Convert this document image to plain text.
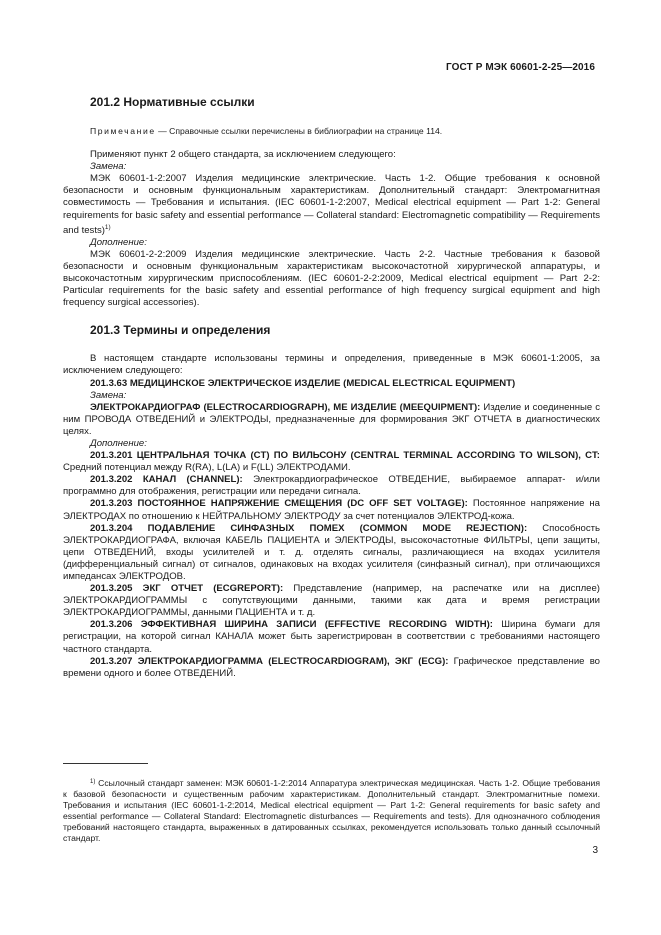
ГОСТ Р МЭК 60601-2-25—2016

201.2 Нормативные ссылки

Примечание — Справочные ссылки перечислены в библиографии на странице 114.

Применяют пункт 2 общего стандарта, за исключением следующего:

Замена:

МЭК 60601-1-2:2007 Изделия медицинские электрические. Часть 1-2. Общие требования к основной безопасности и основным функциональным характеристикам. Дополнительный стандарт: Электромагнитная совместимость — Требования и испытания. (IEC 60601-1-2:2007, Medical electrical equipment — Part 1-2: General requirements for basic safety and essential performance — Collateral standard: Electromagnetic compatibility — Requirements and tests)$^{1)}$

Дополнение:

МЭК 60601-2-2:2009 Изделия медицинские электрические. Часть 2-2. Частные требования к базовой безопасности и основным функциональным характеристикам высокочастотной хирургической аппаратуры, и высокочастотным хирургическим приспособлениям. (IEC 60601-2-2:2009, Medical electrical equipment — Part 2-2: Particular requirements for the basic safety and essential performance of high frequency surgical equipment and high frequency surgical accessories).

201.3 Термины и определения

В настоящем стандарте использованы термины и определения, приведенные в МЭК 60601-1:2005, за исключением следующего:

201.3.63 МЕДИЦИНСКОЕ ЭЛЕКТРИЧЕСКОЕ ИЗДЕЛИЕ (MEDICAL ELECTRICAL EQUIPMENT)

Замена:

ЭЛЕКТРОКАРДИОГРАФ (ELECTROCARDIOGRAPH), МЕ ИЗДЕЛИЕ (MEEQUIPMENT): Изделие и соединенные с ним ПРОВОДА ОТВЕДЕНИЙ и ЭЛЕКТРОДЫ, предназначенные для формирования ЭКГ ОТЧЕТА в диагностических целях.

Дополнение:

201.3.201 ЦЕНТРАЛЬНАЯ ТОЧКА (CT) ПО ВИЛЬСОНУ (CENTRAL TERMINAL ACCORDING TO WILSON), CT: Средний потенциал между R(RA), L(LA) и F(LL) ЭЛЕКТРОДАМИ.

201.3.202 КАНАЛ (CHANNEL): Электрокардиографическое ОТВЕДЕНИЕ, выбираемое аппарат- и/или программно для отображения, регистрации или передачи сигнала.

201.3.203 ПОСТОЯННОЕ НАПРЯЖЕНИЕ СМЕЩЕНИЯ (DC OFF SET VOLTAGE): Постоянное напряжение на ЭЛЕКТРОДАХ по отношению к НЕЙТРАЛЬНОМУ ЭЛЕКТРОДУ за счет потенциалов ЭЛЕКТРОД-кожа.

201.3.204 ПОДАВЛЕНИЕ СИНФАЗНЫХ ПОМЕХ (COMMON MODE REJECTION): Способность ЭЛЕКТРОКАРДИОГРАФА, включая КАБЕЛЬ ПАЦИЕНТА и ЭЛЕКТРОДЫ, высокочастотные ФИЛЬТРЫ, цепи защиты, цепи ОТВЕДЕНИЙ, входы усилителей и т. д. отделять сигналы, различающиеся на входах усилителя (дифференциальный сигнал) от сигналов, одинаковых на входах усилителя (синфазный сигнал), при отличающихся импедансах ЭЛЕКТРОДОВ.

201.3.205 ЭКГ ОТЧЕТ (ECGREPORT): Представление (например, на распечатке или на дисплее) ЭЛЕКТРОКАРДИОГРАММЫ с сопутствующими данными, такими как дата и время регистрации ЭЛЕКТРОКАРДИОГРАММЫ, данными ПАЦИЕНТА и т. д.

201.3.206 ЭФФЕКТИВНАЯ ШИРИНА ЗАПИСИ (EFFECTIVE RECORDING WIDTH): Ширина бумаги для регистрации, на которой сигнал КАНАЛА может быть зарегистрирован в соответствии с требованиями настоящего частного стандарта.

201.3.207 ЭЛЕКТРОКАРДИОГРАММА (ELECTROCARDIOGRAM), ЭКГ (ECG): Графическое представление во времени одного и более ОТВЕДЕНИЙ.

$^{1)}$ Ссылочный стандарт заменен: МЭК 60601-1-2:2014 Аппаратура электрическая медицинская. Часть 1-2. Общие требования к базовой безопасности и существенным рабочим характеристикам. Дополнительный стандарт. Электромагнитные помехи. Требования и испытания (IEC 60601-1-2:2014, Medical electrical equipment — Part 1-2: General requirements for basic safety and essential performance — Collateral Standard: Electromagnetic disturbances — Requirements and tests). Для однозначного соблюдения требований настоящего стандарта, выраженных в датированных ссылках, рекомендуется использовать только данный ссылочный стандарт.

3
